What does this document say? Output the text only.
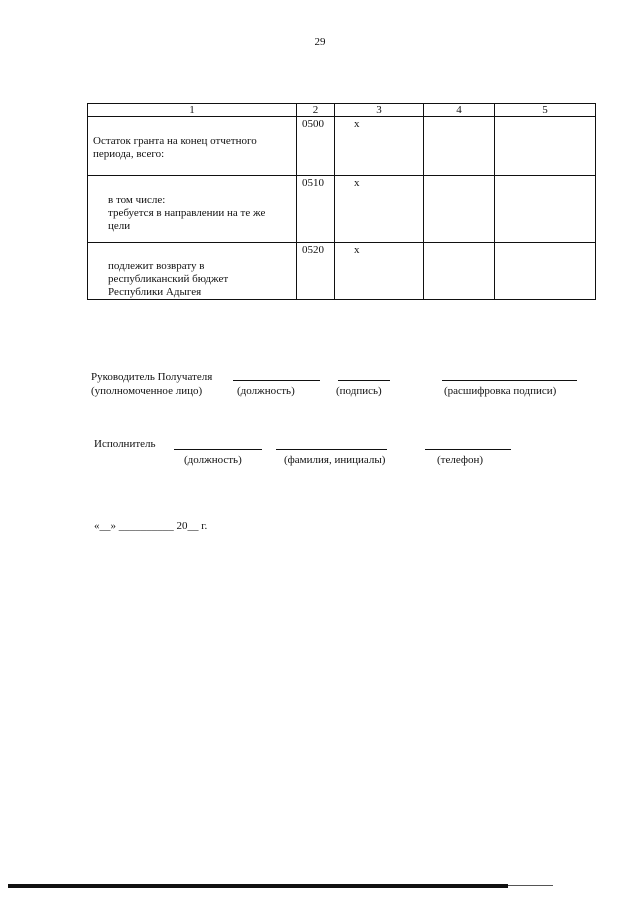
29
1	2	3	4	5

Остаток гранта на конец отчетного
периода, всего:	0500	х		

в том числе:
требуется в направлении на те же
цели	0510	х		

подлежит возврату в
республиканский бюджет
Республики Адыгея	0520	х		

Руководитель Получателя
(уполномоченное лицо)	(должность)	(подпись)	(расшифровка подписи)
Исполнитель
(должность)	(фамилия, инициалы)	(телефон)
«__» __________ 20__ г.
